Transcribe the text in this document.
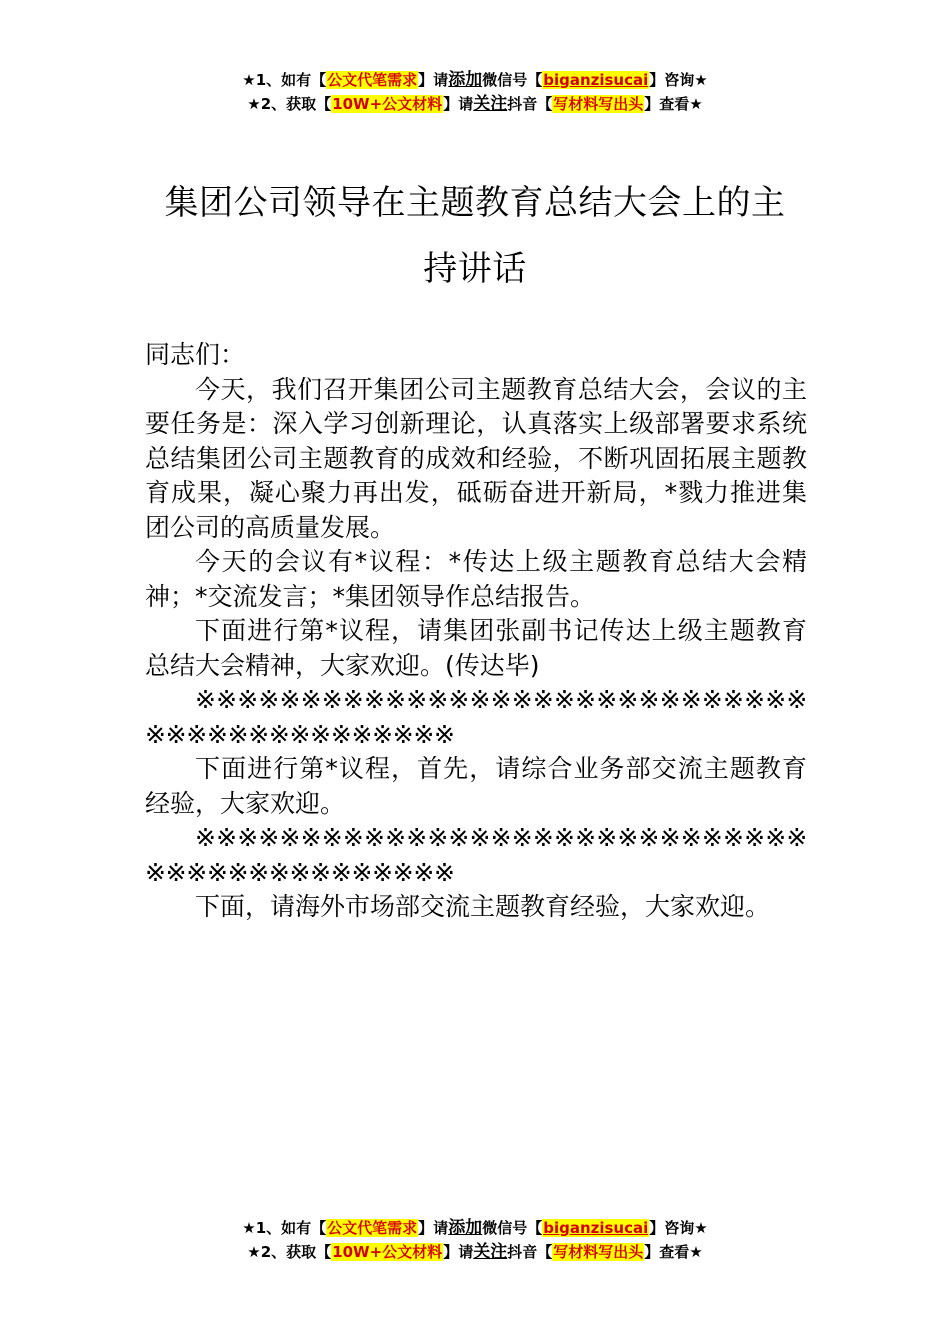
★1、如有【公文代笔需求】请添加微信号【biganzisucai】咨询★
★2、获取【10W+公文材料】请关注抖音【写材料写出头】查看★
集团公司领导在主题教育总结大会上的主
持讲话

同志们：

今天，我们召开集团公司主题教育总结大会，会议的主要任务是：深入学习创新理论，认真落实上级部署要求系统总结集团公司主题教育的成效和经验，不断巩固拓展主题教育成果，凝心聚力再出发，砥砺奋进开新局，*戮力推进集团公司的高质量发展。

今天的会议有*议程：*传达上级主题教育总结大会精神；*交流发言；*集团领导作总结报告。

下面进行第*议程，请集团张副书记传达上级主题教育总结大会精神，大家欢迎。(传达毕)

※※※※※※※※※※※※※※※※※※※※※※※※※※※※※※※※※※※※※※※※※※※※

下面进行第*议程，首先，请综合业务部交流主题教育经验，大家欢迎。

※※※※※※※※※※※※※※※※※※※※※※※※※※※※※※※※※※※※※※※※※※※※

下面，请海外市场部交流主题教育经验，大家欢迎。

★1、如有【公文代笔需求】请添加微信号【biganzisucai】咨询★
★2、获取【10W+公文材料】请关注抖音【写材料写出头】查看★
